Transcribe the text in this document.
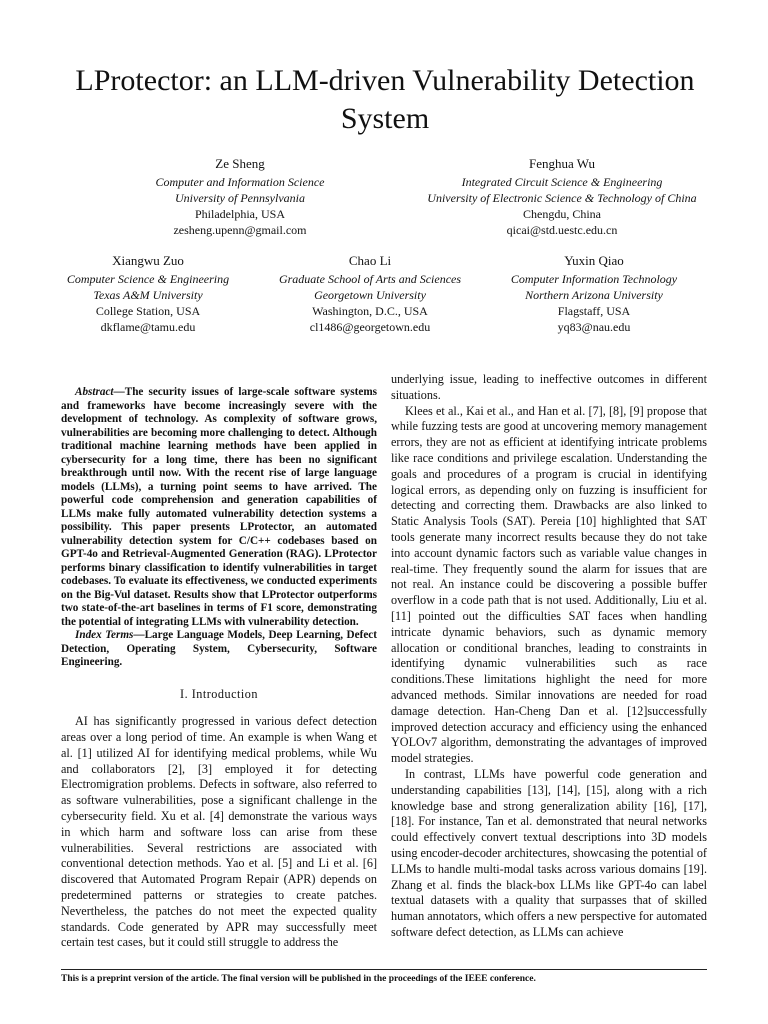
LProtector: an LLM-driven Vulnerability Detection System
Ze Sheng
Computer and Information Science
University of Pennsylvania
Philadelphia, USA
zesheng.upenn@gmail.com
Fenghua Wu
Integrated Circuit Science & Engineering
University of Electronic Science & Technology of China
Chengdu, China
qicai@std.uestc.edu.cn
Xiangwu Zuo
Computer Science & Engineering
Texas A&M University
College Station, USA
dkflame@tamu.edu
Chao Li
Graduate School of Arts and Sciences
Georgetown University
Washington, D.C., USA
cl1486@georgetown.edu
Yuxin Qiao
Computer Information Technology
Northern Arizona University
Flagstaff, USA
yq83@nau.edu

Abstract—The security issues of large-scale software systems and frameworks have become increasingly severe with the development of technology. As complexity of software grows, vulnerabilities are becoming more challenging to detect. Although traditional machine learning methods have been applied in cybersecurity for a long time, there has been no significant breakthrough until now. With the recent rise of large language models (LLMs), a turning point seems to have arrived. The powerful code comprehension and generation capabilities of LLMs make fully automated vulnerability detection systems a possibility. This paper presents LProtector, an automated vulnerability detection system for C/C++ codebases based on GPT-4o and Retrieval-Augmented Generation (RAG). LProtector performs binary classification to identify vulnerabilities in target codebases. To evaluate its effectiveness, we conducted experiments on the Big-Vul dataset. Results show that LProtector outperforms two state-of-the-art baselines in terms of F1 score, demonstrating the potential of integrating LLMs with vulnerability detection.

Index Terms—Large Language Models, Deep Learning, Defect Detection, Operating System, Cybersecurity, Software Engineering.

I. Introduction

AI has significantly progressed in various defect detection areas over a long period of time. An example is when Wang et al. [1] utilized AI for identifying medical problems, while Wu and collaborators [2], [3] employed it for detecting Electromigration problems. Defects in software, also referred to as software vulnerabilities, pose a significant challenge in the cybersecurity field. Xu et al. [4] demonstrate the various ways in which harm and software loss can arise from these vulnerabilities. Several restrictions are associated with conventional detection methods. Yao et al. [5] and Li et al. [6] discovered that Automated Program Repair (APR) depends on predetermined patterns or strategies to create patches. Nevertheless, the patches do not meet the expected quality standards. Code generated by APR may successfully meet certain test cases, but it could still struggle to address the

underlying issue, leading to ineffective outcomes in different situations.

Klees et al., Kai et al., and Han et al. [7], [8], [9] propose that while fuzzing tests are good at uncovering memory management errors, they are not as efficient at identifying intricate problems like race conditions and privilege escalation. Understanding the goals and procedures of a program is crucial in identifying logical errors, as depending only on fuzzing is insufficient for detecting and correcting them. Drawbacks are also linked to Static Analysis Tools (SAT). Pereia [10] highlighted that SAT tools generate many incorrect results because they do not take into account dynamic factors such as variable value changes in real-time. They frequently sound the alarm for issues that are not real. An instance could be discovering a possible buffer overflow in a code path that is not used. Additionally, Liu et al. [11] pointed out the difficulties SAT faces when handling intricate dynamic behaviors, such as dynamic memory allocation or conditional branches, leading to constraints in identifying dynamic vulnerabilities such as race conditions.These limitations highlight the need for more advanced methods. Similar innovations are needed for road damage detection. Han-Cheng Dan et al. [12]successfully improved detection accuracy and efficiency using the enhanced YOLOv7 algorithm, demonstrating the advantages of improved model strategies.

In contrast, LLMs have powerful code generation and understanding capabilities [13], [14], [15], along with a rich knowledge base and strong generalization ability [16], [17], [18]. For instance, Tan et al. demonstrated that neural networks could effectively convert textual descriptions into 3D models using encoder-decoder architectures, showcasing the potential of LLMs to handle multi-modal tasks across various domains [19]. Zhang et al. finds the black-box LLMs like GPT-4o can label textual datasets with a quality that surpasses that of skilled human annotators, which offers a new perspective for automated software defect detection, as LLMs can achieve

This is a preprint version of the article. The final version will be published in the proceedings of the IEEE conference.
